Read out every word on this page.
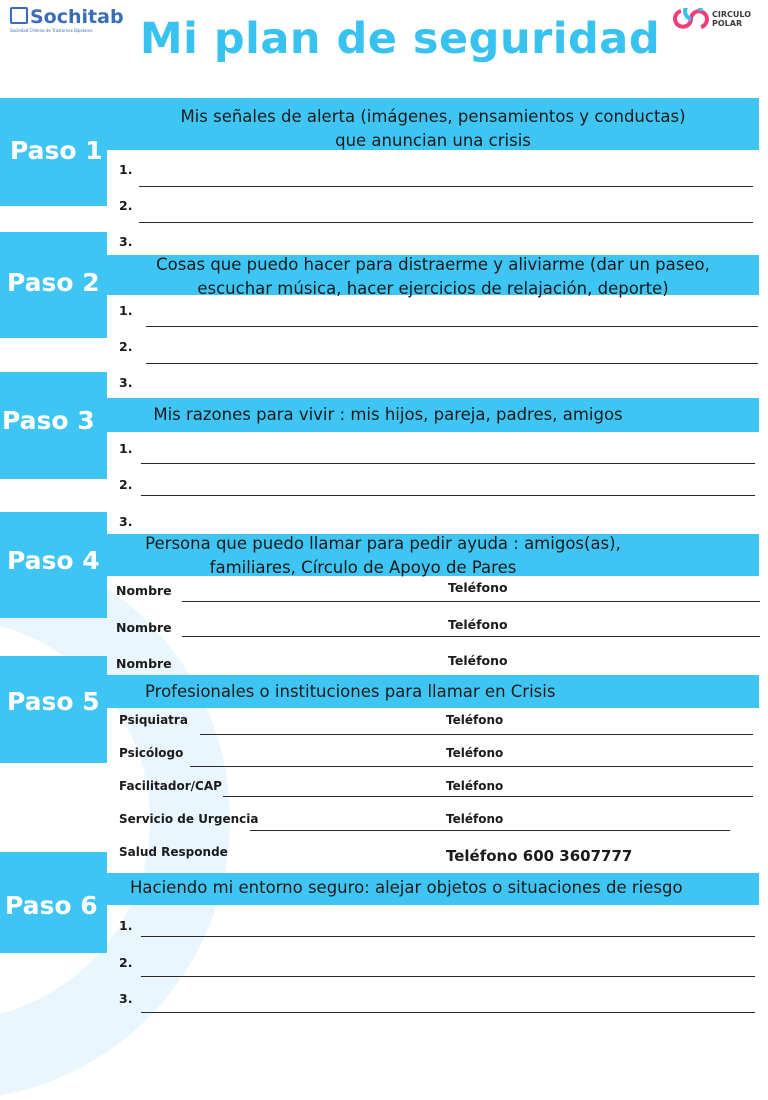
Sochitab
Sociedad Chilena de Trastornos Bipolares
CIRCULO
POLAR
Mi plan de seguridad
Paso 1
Mis señales de alerta (imágenes, pensamientos y conductas)
que anuncian una crisis
1.
2.
3.
Paso 2
Cosas que puedo hacer para distraerme y aliviarme (dar un paseo,
escuchar música, hacer ejercicios de relajación, deporte)
1.
2.
3.
Paso 3	Mis razones para vivir : mis hijos, pareja, padres, amigos
1.
2.
3.
Paso 4
Persona que puedo llamar para pedir ayuda : amigos(as),
familiares, Círculo de Apoyo de Pares
Nombre	Teléfono
Nombre	Teléfono
Nombre	Teléfono
Paso 5	Profesionales o instituciones para llamar en Crisis
Psiquiatra	Teléfono
Psicólogo	Teléfono
Facilitador/CAP	Teléfono
Servicio de Urgencia	Teléfono
Salud Responde	Teléfono 600 3607777
Paso 6
Haciendo mi entorno seguro: alejar objetos o situaciones de riesgo
1.
2.
3.
